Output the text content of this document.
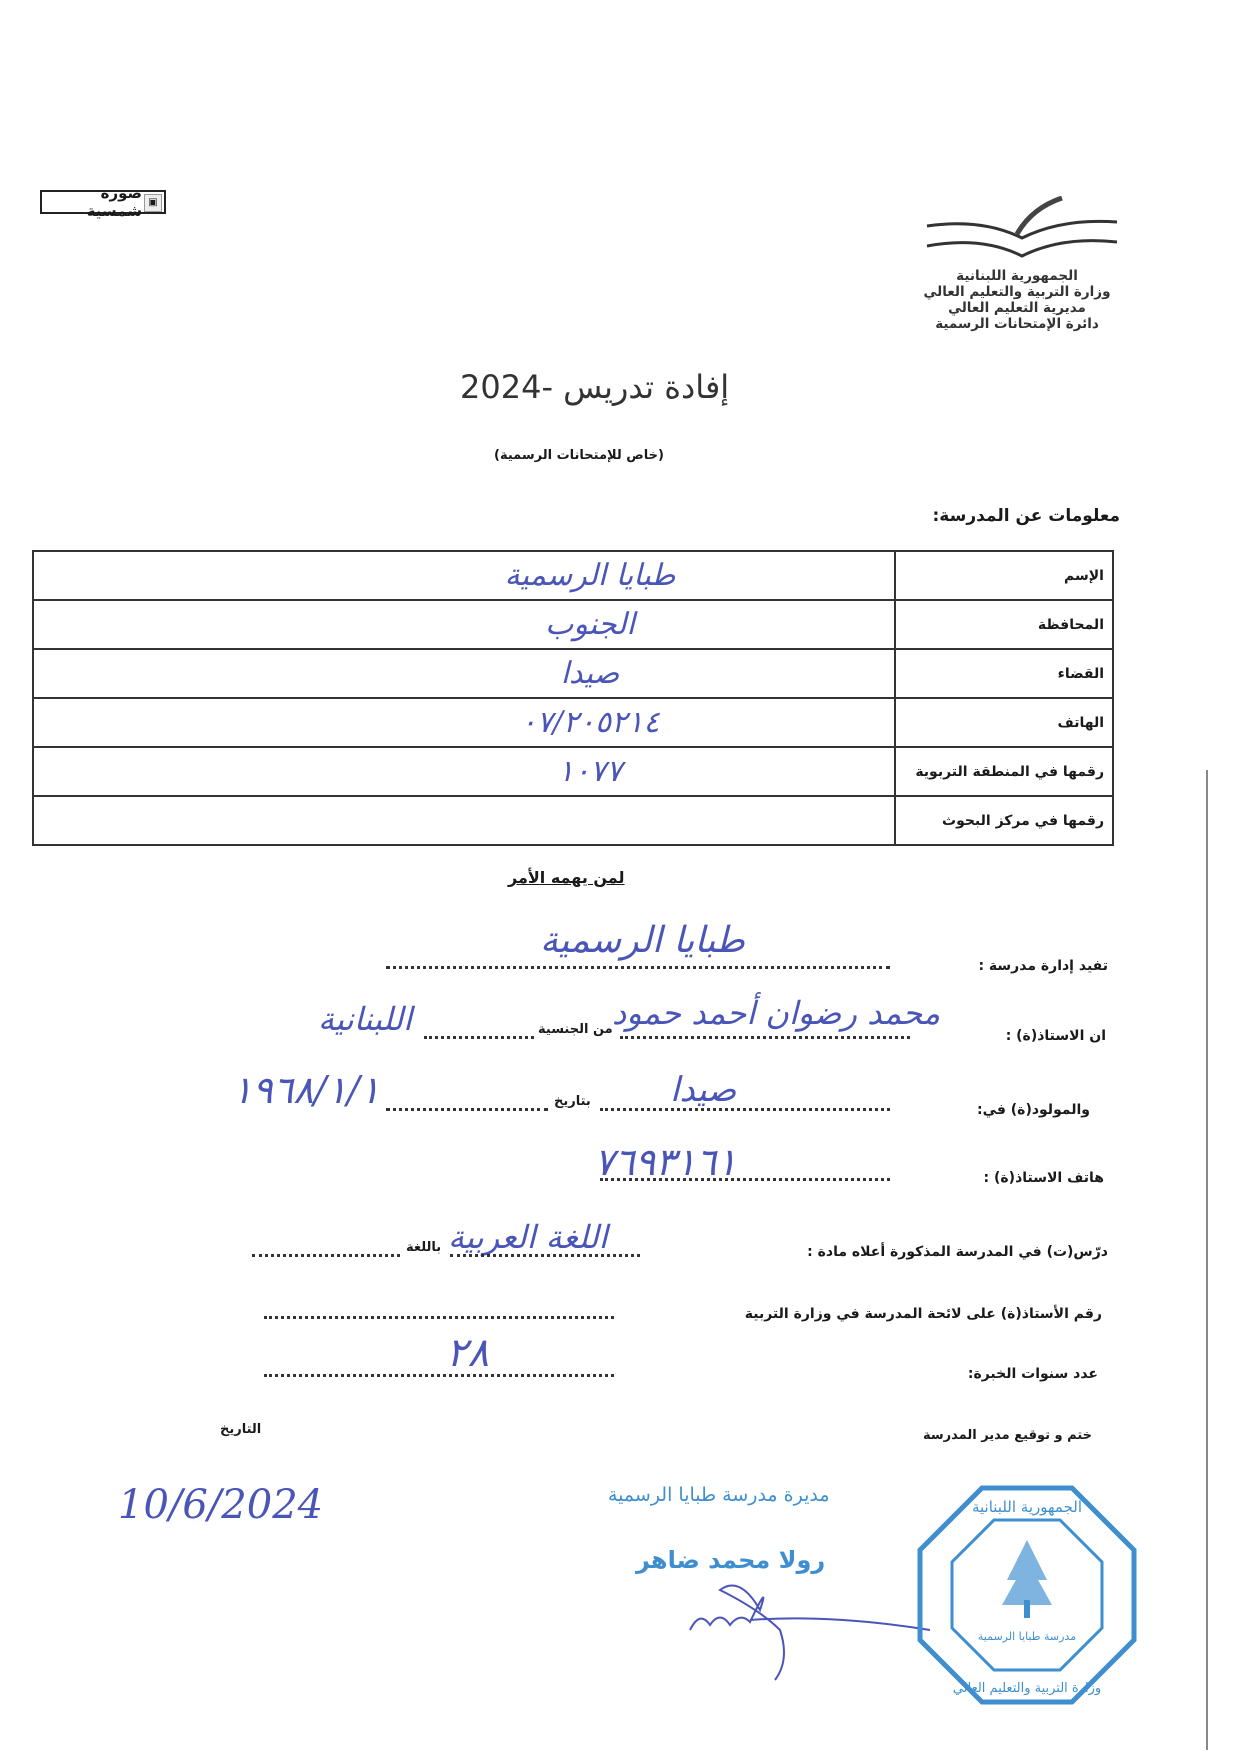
▣
صورة شمسية
الجمهورية اللبنانية
وزارة التربية والتعليم العالي
مديرية التعليم العالي
دائرة الإمتحانات الرسمية
إفادة تدريس -2024
(خاص للإمتحانات الرسمية)
معلومات عن المدرسة:
الإسم	طبايا الرسمية
المحافظة	الجنوب
القضاء	صيدا
الهاتف	٠٧/٢٠٥٢١٤
رقمها في المنطقة التربوية	١٠٧٧
رقمها في مركز البحوث	
لمن يهمه الأمر
تفيد إدارة مدرسة :
طبايا الرسمية
ان الاستاذ(ة) :
محمد رضوان أحمد حمود
من الجنسية
اللبنانية
والمولود(ة) في:
صيدا
بتاريخ
١٩٦٨/١/١
هاتف الاستاذ(ة) :
٧٦٩٣١٦١
درّس(ت) في المدرسة المذكورة أعلاه مادة :
اللغة العربية
باللغة
رقم الأستاذ(ة) على لائحة المدرسة في وزارة التربية
عدد سنوات الخبرة:
٢٨
ختم و توقيع مدير المدرسة
التاريخ
10/6/2024	مديرة مدرسة طبايا الرسمية
رولا محمد ضاهر
الجمهورية اللبنانية
وزارة التربية والتعليم العالي
مدرسة طبايا الرسمية
